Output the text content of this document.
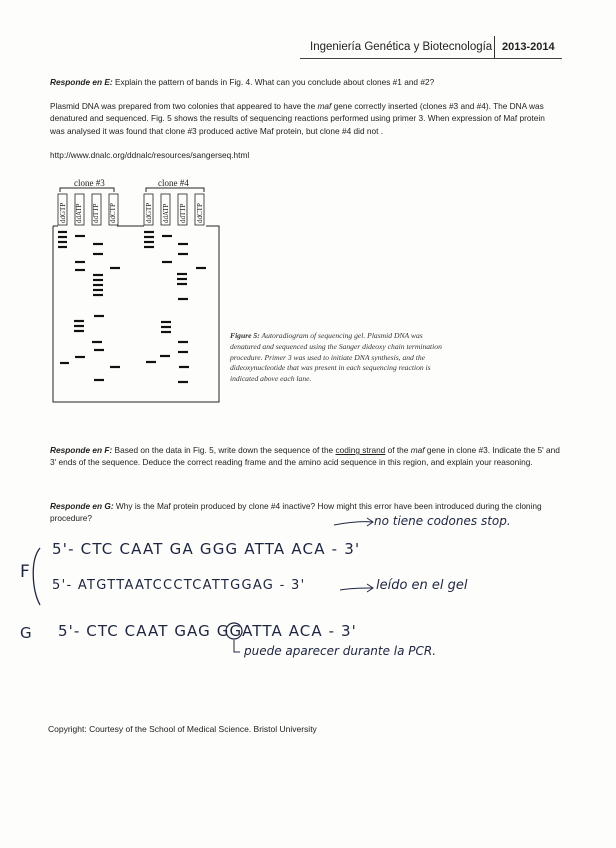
Ingeniería Genética y Biotecnología 2013-2014
Responde en E: Explain the pattern of bands in Fig. 4. What can you conclude about clones #1 and #2?
Plasmid DNA was prepared from two colonies that appeared to have the maf gene correctly inserted (clones #3 and #4). The DNA was denatured and sequenced. Fig. 5 shows the results of sequencing reactions performed using primer 3. When expression of Maf protein was analysed it was found that clone #3 produced active Maf protein, but clone #4 did not .
http://www.dnalc.org/ddnalc/resources/sangerseq.html
clone #3	clone #4
ddGTP ddATP ddTTP ddCTP	ddGTP ddATP ddTTP ddCTP
Figure 5: Autoradiogram of sequencing gel. Plasmid DNA was denatured and sequenced using the Sanger dideoxy chain termination procedure. Primer 3 was used to initiate DNA synthesis, and the dideoxynucleotide that was present in each sequencing reaction is indicated above each lane.
Responde en F: Based on the data in Fig. 5, write down the sequence of the coding strand of the maf gene in clone #3. Indicate the 5' and 3' ends of the sequence. Deduce the correct reading frame and the amino acid sequence in this region, and explain your reasoning.
Responde en G: Why is the Maf protein produced by clone #4 inactive? How might this error have been introduced during the cloning procedure?	no tiene codones stop.
F
5'- CTC CAAT GA GGG ATTA ACA - 3'
5'- ATGTTAATCCCTCATTGGAG - 3'	leído en el gel
G 5'- CTC CAAT GAG GGATTA ACA - 3'
puede aparecer durante la PCR.
Copyright: Courtesy of the School of Medical Science. Bristol University
